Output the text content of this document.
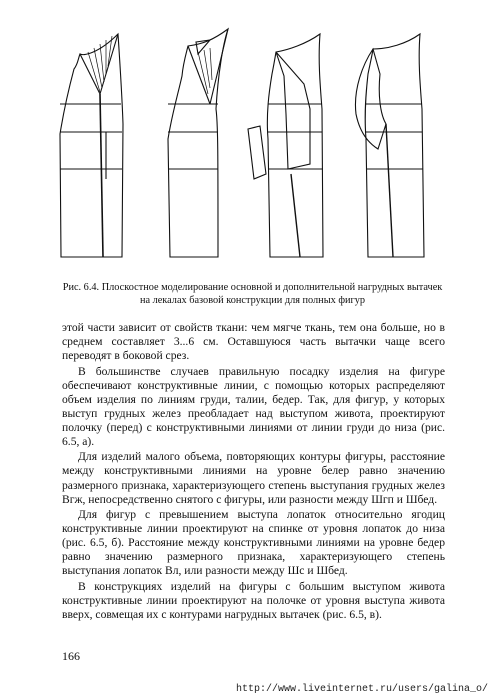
Рис. 6.4. Плоскостное моделирование основной и дополнительной нагрудных вытачек на лекалах базовой конструкции для полных фигур

этой части зависит от свойств ткани: чем мягче ткань, тем она больше, но в среднем составляет 3...6 см. Оставшуюся часть вытачки чаще всего переводят в боковой срез.

В большинстве случаев правильную посадку изделия на фигуре обеспечивают конструктивные линии, с помощью которых распределяют объем изделия по линиям груди, талии, бедер. Так, для фигур, у которых выступ грудных желез преобладает над выступом живота, проектируют полочку (перед) с конструктивными линиями от линии груди до низа (рис. 6.5, а).

Для изделий малого объема, повторяющих контуры фигуры, расстояние между конструктивными линиями на уровне белер равно значению размерного признака, характеризующего степень выступания грудных желез Вгж, непосредственно снятого с фигуры, или разности между Шгп и Шбед.

Для фигур с превышением выступа лопаток относительно ягодиц конструктивные линии проектируют на спинке от уровня лопаток до низа (рис. 6.5, б). Расстояние между конструктивными линиями на уровне бедер равно значению размерного признака, характеризующего степень выступания лопаток Вл, или разности между Шс и Шбед.

В конструкциях изделий на фигуры с большим выступом живота конструктивные линии проектируют на полочке от уровня выступа живота вверх, совмещая их с контурами нагрудных вытачек (рис. 6.5, в).

166
http://www.liveinternet.ru/users/galina_o/
